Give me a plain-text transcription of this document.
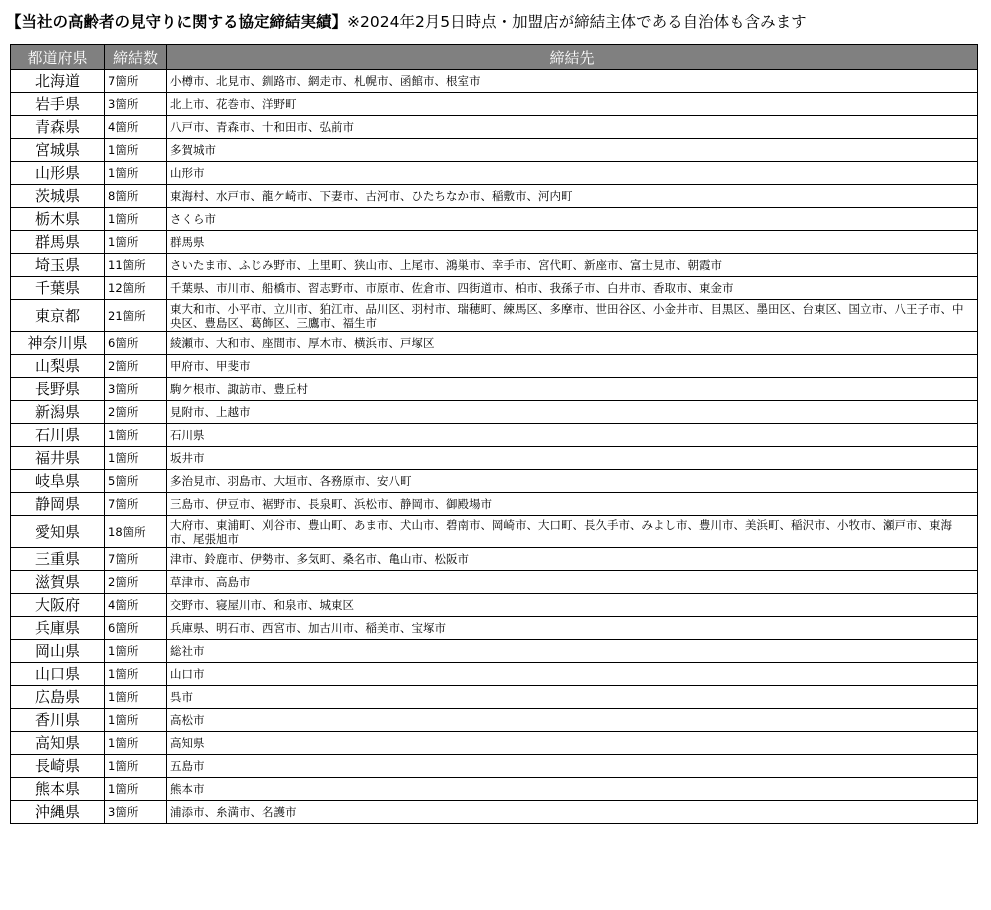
【当社の高齢者の見守りに関する協定締結実績】※2024年2月5日時点・加盟店が締結主体である自治体も含みます
都道府県	締結数	締結先
北海道	7箇所	小樽市、北見市、釧路市、網走市、札幌市、函館市、根室市
岩手県	3箇所	北上市、花巻市、洋野町
青森県	4箇所	八戸市、青森市、十和田市、弘前市
宮城県	1箇所	多賀城市
山形県	1箇所	山形市
茨城県	8箇所	東海村、水戸市、龍ケ崎市、下妻市、古河市、ひたちなか市、稲敷市、河内町
栃木県	1箇所	さくら市
群馬県	1箇所	群馬県
埼玉県	11箇所	さいたま市、ふじみ野市、上里町、狭山市、上尾市、鴻巣市、幸手市、宮代町、新座市、富士見市、朝霞市
千葉県	12箇所	千葉県、市川市、船橋市、習志野市、市原市、佐倉市、四街道市、柏市、我孫子市、白井市、香取市、東金市
東京都	21箇所	東大和市、小平市、立川市、狛江市、品川区、羽村市、瑞穂町、練馬区、多摩市、世田谷区、小金井市、目黒区、墨田区、台東区、国立市、八王子市、中央区、豊島区、葛飾区、三鷹市、福生市
神奈川県	6箇所	綾瀬市、大和市、座間市、厚木市、横浜市、戸塚区
山梨県	2箇所	甲府市、甲斐市
長野県	3箇所	駒ケ根市、諏訪市、豊丘村
新潟県	2箇所	見附市、上越市
石川県	1箇所	石川県
福井県	1箇所	坂井市
岐阜県	5箇所	多治見市、羽島市、大垣市、各務原市、安八町
静岡県	7箇所	三島市、伊豆市、裾野市、長泉町、浜松市、静岡市、御殿場市
愛知県	18箇所	大府市、東浦町、刈谷市、豊山町、あま市、犬山市、碧南市、岡崎市、大口町、長久手市、みよし市、豊川市、美浜町、稲沢市、小牧市、瀬戸市、東海市、尾張旭市
三重県	7箇所	津市、鈴鹿市、伊勢市、多気町、桑名市、亀山市、松阪市
滋賀県	2箇所	草津市、高島市
大阪府	4箇所	交野市、寝屋川市、和泉市、城東区
兵庫県	6箇所	兵庫県、明石市、西宮市、加古川市、稲美市、宝塚市
岡山県	1箇所	総社市
山口県	1箇所	山口市
広島県	1箇所	呉市
香川県	1箇所	高松市
高知県	1箇所	高知県
長崎県	1箇所	五島市
熊本県	1箇所	熊本市
沖縄県	3箇所	浦添市、糸満市、名護市
